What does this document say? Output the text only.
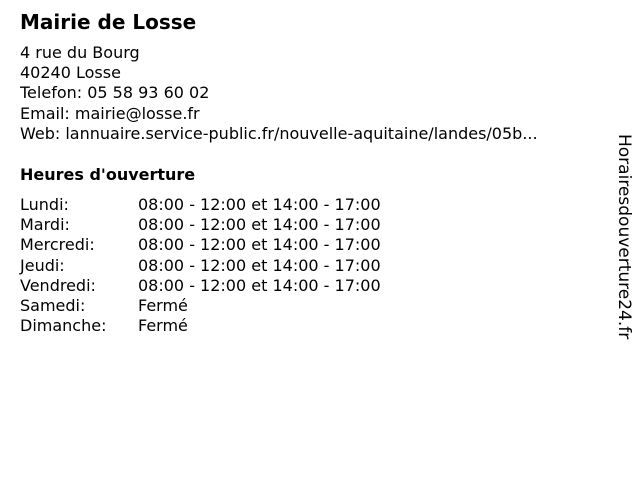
Mairie de Losse
4 rue du Bourg
40240 Losse
Telefon: 05 58 93 60 02
Email: mairie@losse.fr
Web: lannuaire.service-public.fr/nouvelle-aquitaine/landes/05b...
Heures d'ouverture
Lundi:	08:00 - 12:00 et 14:00 - 17:00
Mardi:	08:00 - 12:00 et 14:00 - 17:00
Mercredi:	08:00 - 12:00 et 14:00 - 17:00
Jeudi:	08:00 - 12:00 et 14:00 - 17:00
Vendredi:	08:00 - 12:00 et 14:00 - 17:00
Samedi:	Fermé
Dimanche:	Fermé	Horairesdouverture24.fr
